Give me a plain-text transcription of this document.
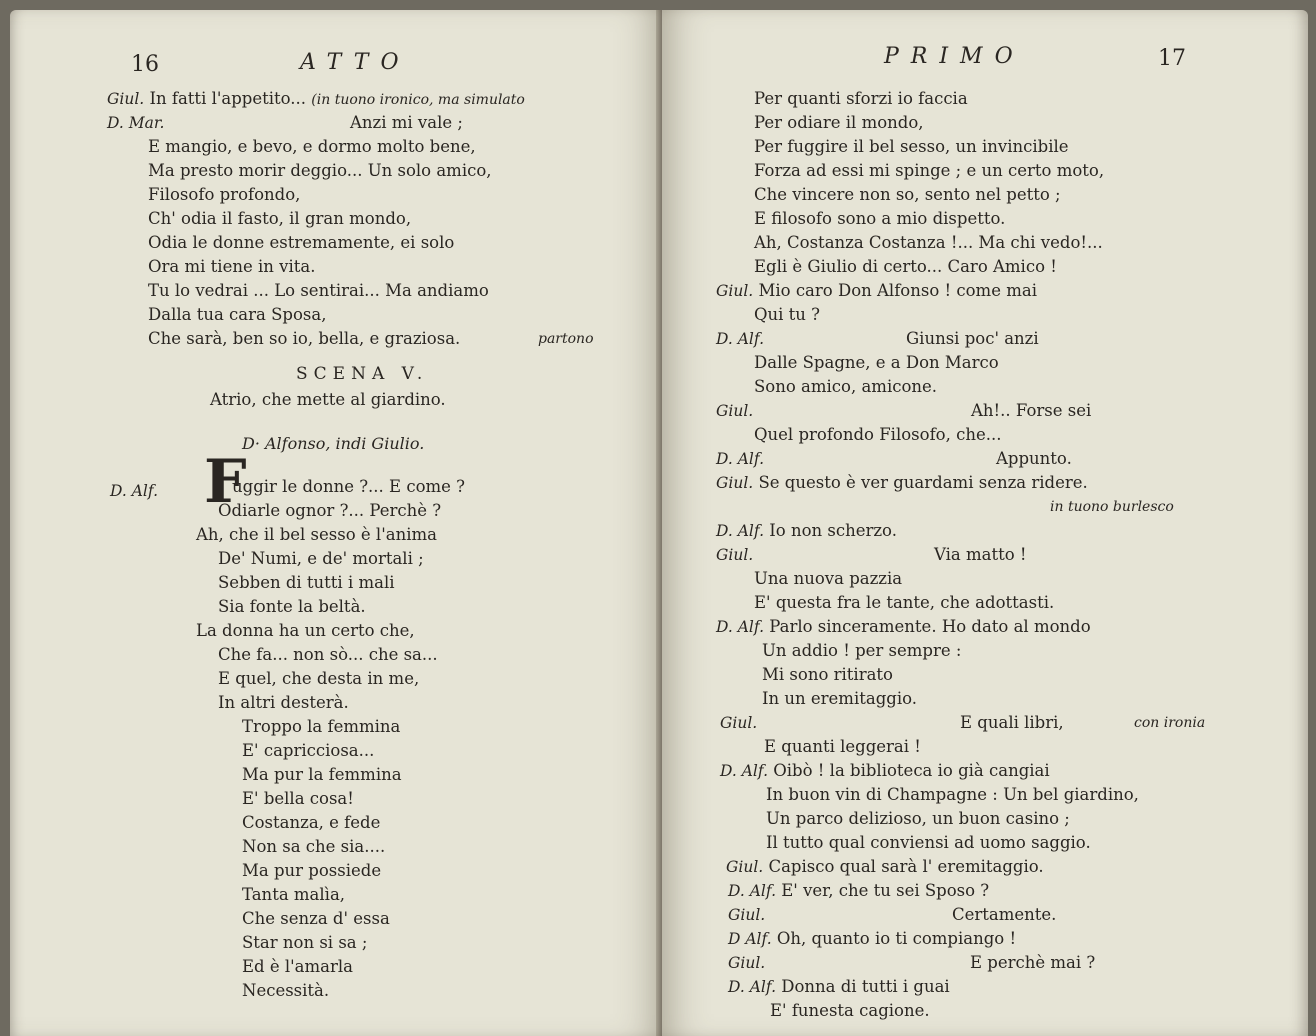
16	ATTO
Giul. In fatti l'appetito... (in tuono ironico, ma simulato
D. Mar.	Anzi mi vale ;
E mangio, e bevo, e dormo molto bene,
Ma presto morir deggio... Un solo amico,
Filosofo profondo,
Ch' odia il fasto, il gran mondo,
Odia le donne estremamente, ei solo
Ora mi tiene in vita.
Tu lo vedrai ... Lo sentirai... Ma andiamo
Dalla tua cara Sposa,
Che sarà, ben so io, bella, e graziosa.	partono
SCENA V.
Atrio, che mette al giardino.
D· Alfonso, indi Giulio.
D. Alf. F
uggir le donne ?... E come ?
Odiarle ognor ?... Perchè ?
Ah, che il bel sesso è l'anima
De' Numi, e de' mortali ;
Sebben di tutti i mali
Sia fonte la beltà.
La donna ha un certo che,
Che fa... non sò... che sa...
E quel, che desta in me,
In altri desterà.
Troppo la femmina
E' capricciosa...
Ma pur la femmina
E' bella cosa!
Costanza, e fede
Non sa che sia....
Ma pur possiede
Tanta malìa,
Che senza d' essa
Star non si sa ;
Ed è l'amarla
Necessità.
PRIMO	17
Per quanti sforzi io faccia
Per odiare il mondo,
Per fuggire il bel sesso, un invincibile
Forza ad essi mi spinge ; e un certo moto,
Che vincere non so, sento nel petto ;
E filosofo sono a mio dispetto.
Ah, Costanza Costanza !... Ma chi vedo!...
Egli è Giulio di certo... Caro Amico !
Giul. Mio caro Don Alfonso ! come mai
Qui tu ?
D. Alf.	Giunsi poc' anzi
Dalle Spagne, e a Don Marco
Sono amico, amicone.
Giul.	Ah!.. Forse sei
Quel profondo Filosofo, che...
D. Alf.	Appunto.
Giul. Se questo è ver guardami senza ridere.
in tuono burlesco
D. Alf. Io non scherzo.
Giul.	Via matto !
Una nuova pazzia
E' questa fra le tante, che adottasti.
D. Alf. Parlo sinceramente. Ho dato al mondo
Un addio ! per sempre :
Mi sono ritirato
In un eremitaggio.
Giul.	E quali libri,	con ironia
E quanti leggerai !
D. Alf. Oibò ! la biblioteca io già cangiai
In buon vin di Champagne : Un bel giardino,
Un parco delizioso, un buon casino ;
Il tutto qual conviensi ad uomo saggio.
Giul. Capisco qual sarà l' eremitaggio.
D. Alf. E' ver, che tu sei Sposo ?
Giul.	Certamente.
D Alf. Oh, quanto io ti compiango !
Giul.	E perchè mai ?
D. Alf. Donna di tutti i guai
E' funesta cagione.
